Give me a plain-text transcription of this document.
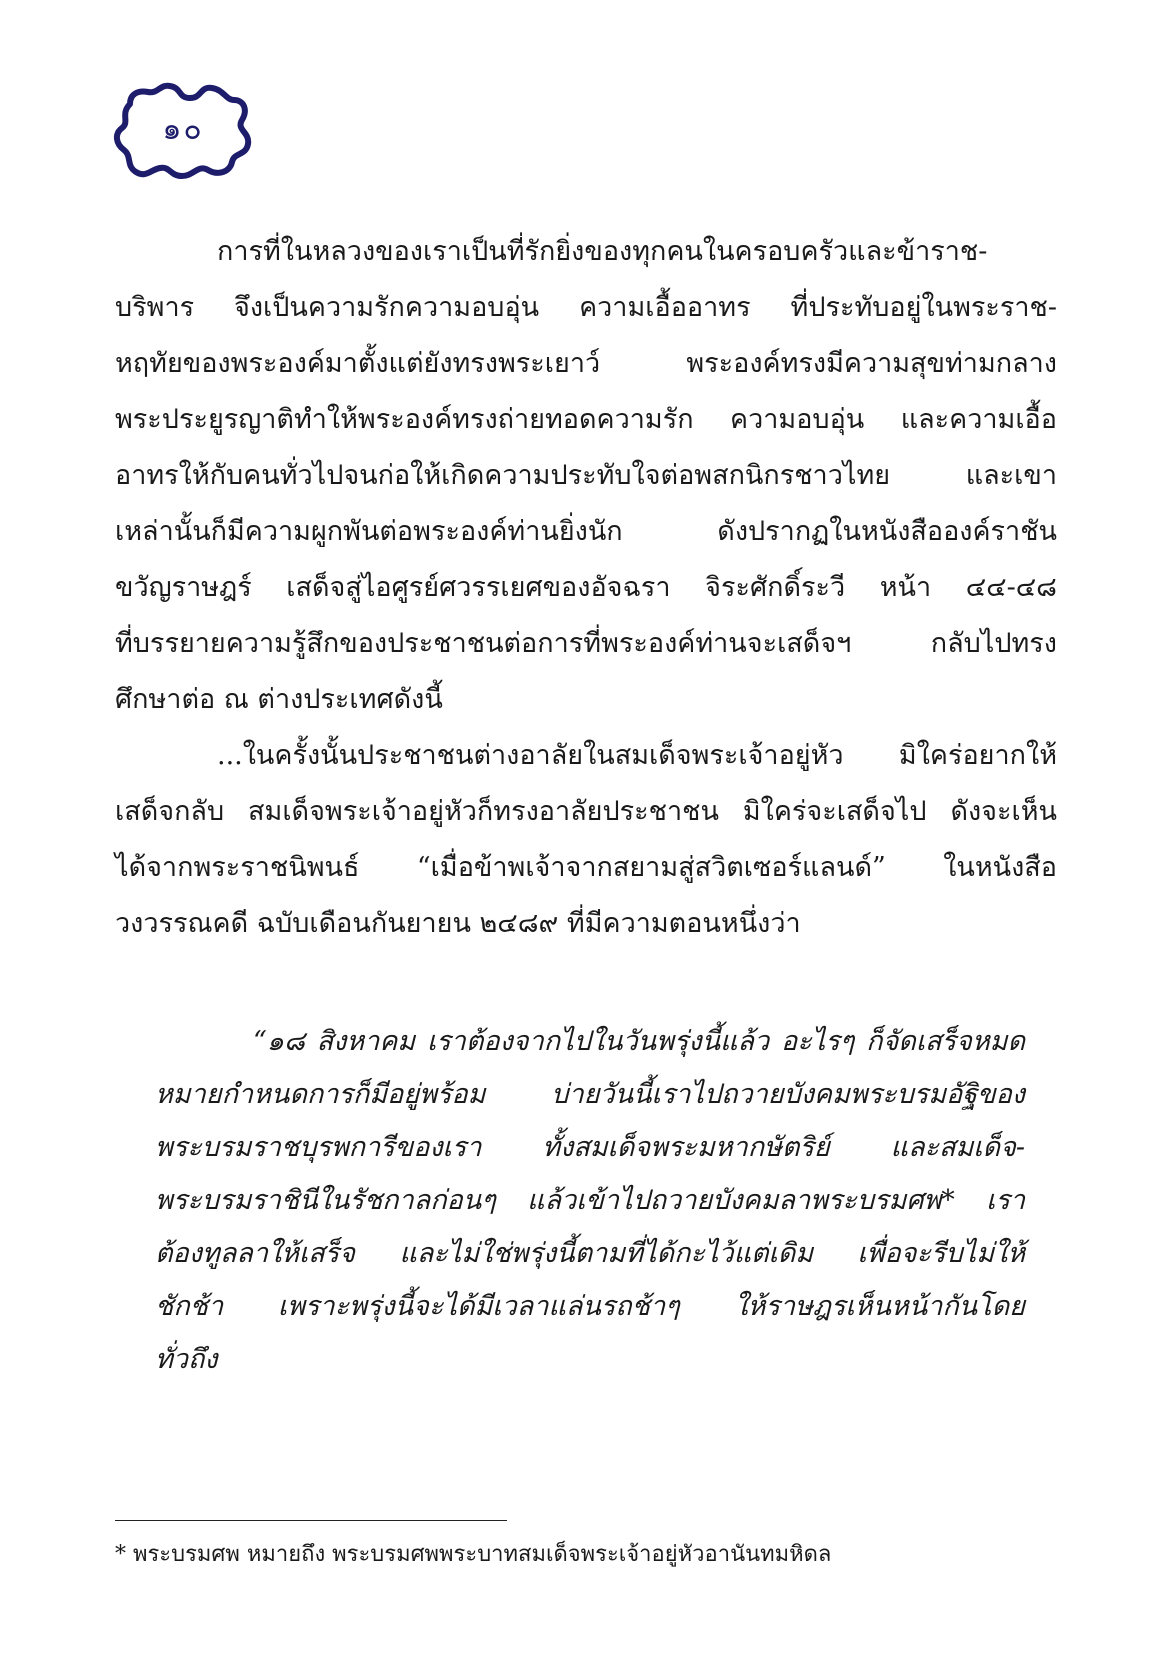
๑๐
การที่ในหลวงของเราเป็นที่รักยิ่งของทุกคนในครอบครัวและข้าราช-
บริพาร จึงเป็นความรักความอบอุ่น ความเอื้ออาทร ที่ประทับอยู่ในพระราช-
หฤทัยของพระองค์มาตั้งแต่ยังทรงพระเยาว์ พระองค์ทรงมีความสุขท่ามกลาง
พระประยูรญาติทำให้พระองค์ทรงถ่ายทอดความรัก ความอบอุ่น และความเอื้อ
อาทรให้กับคนทั่วไปจนก่อให้เกิดความประทับใจต่อพสกนิกรชาวไทย และเขา
เหล่านั้นก็มีความผูกพันต่อพระองค์ท่านยิ่งนัก ดังปรากฏในหนังสือองค์ราชัน
ขวัญราษฎร์ เสด็จสู่ไอศูรย์ศวรรเยศของอัจฉรา จิระศักดิ์ระวี หน้า ๔๔-๔๘
ที่บรรยายความรู้สึกของประชาชนต่อการที่พระองค์ท่านจะเสด็จฯ กลับไปทรง
ศึกษาต่อ ณ ต่างประเทศดังนี้
...ในครั้งนั้นประชาชนต่างอาลัยในสมเด็จพระเจ้าอยู่หัว มิใคร่อยากให้
เสด็จกลับ สมเด็จพระเจ้าอยู่หัวก็ทรงอาลัยประชาชน มิใคร่จะเสด็จไป ดังจะเห็น
ได้จากพระราชนิพนธ์ “เมื่อข้าพเจ้าจากสยามสู่สวิตเซอร์แลนด์” ในหนังสือ
วงวรรณคดี ฉบับเดือนกันยายน ๒๔๘๙ ที่มีความตอนหนึ่งว่า
“๑๘ สิงหาคม เราต้องจากไปในวันพรุ่งนี้แล้ว อะไรๆ ก็จัดเสร็จหมด
หมายกำหนดการก็มีอยู่พร้อม บ่ายวันนี้เราไปถวายบังคมพระบรมอัฐิของ
พระบรมราชบุรพการีของเรา ทั้งสมเด็จพระมหากษัตริย์ และสมเด็จ-
พระบรมราชินีในรัชกาลก่อนๆ แล้วเข้าไปถวายบังคมลาพระบรมศพ* เรา
ต้องทูลลาให้เสร็จ และไม่ใช่พรุ่งนี้ตามที่ได้กะไว้แต่เดิม เพื่อจะรีบไม่ให้
ชักช้า เพราะพรุ่งนี้จะได้มีเวลาแล่นรถช้าๆ ให้ราษฎรเห็นหน้ากันโดย
ทั่วถึง
* พระบรมศพ หมายถึง พระบรมศพพระบาทสมเด็จพระเจ้าอยู่หัวอานันทมหิดล
